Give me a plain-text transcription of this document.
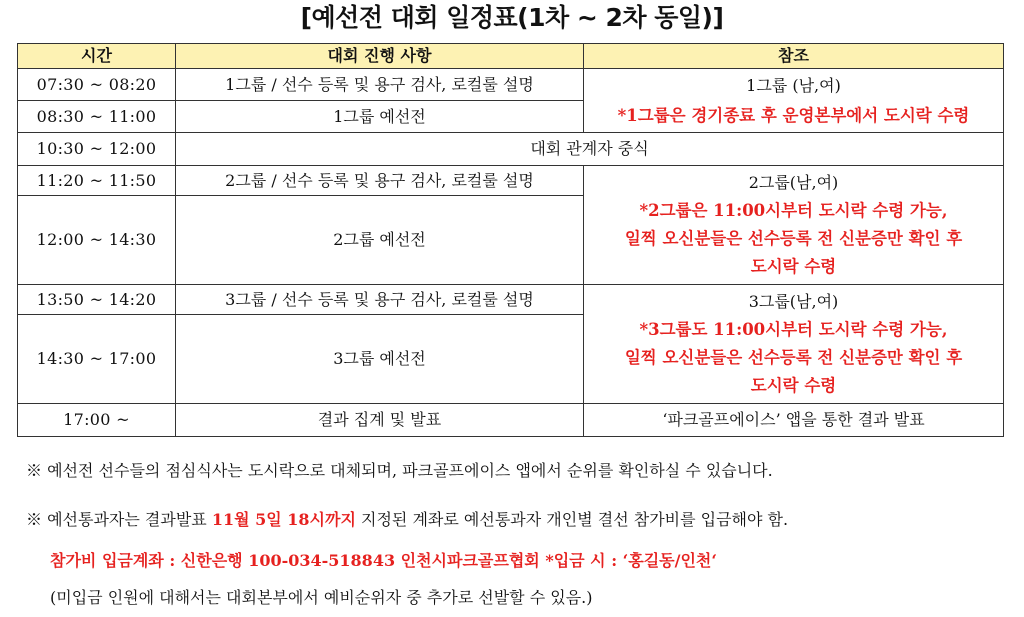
[예선전 대회 일정표(1차 ~ 2차 동일)]
시간	대회 진행 사항	참조
07:30 ~ 08:20	1그룹 / 선수 등록 및 용구 검사, 로컬룰 설명	1그룹 (남,여)
*1그룹은 경기종료 후 운영본부에서 도시락 수령

08:30 ~ 11:00	1그룹 예선전	
10:30 ~ 12:00	대회 관계자 중식	
11:20 ~ 11:50	2그룹 / 선수 등록 및 용구 검사, 로컬룰 설명	2그룹(남,여)
*2그룹은 11:00시부터 도시락 수령 가능,
일찍 오신분들은 선수등록 전 신분증만 확인 후
도시락 수령

12:00 ~ 14:30	2그룹 예선전	
13:50 ~ 14:20	3그룹 / 선수 등록 및 용구 검사, 로컬룰 설명	3그룹(남,여)
*3그룹도 11:00시부터 도시락 수령 가능,
일찍 오신분들은 선수등록 전 신분증만 확인 후
도시락 수령

14:30 ~ 17:00	3그룹 예선전	
17:00 ~	결과 집계 및 발표	‘파크골프에이스’ 앱을 통한 결과 발표
※ 예선전 선수들의 점심식사는 도시락으로 대체되며, 파크골프에이스 앱에서 순위를 확인하실 수 있습니다.
※ 예선통과자는 결과발표 11월 5일 18시까지 지정된 계좌로 예선통과자 개인별 결선 참가비를 입금해야 함.
참가비 입금계좌 : 신한은행 100-034-518843 인천시파크골프협회 *입금 시 : ‘홍길동/인천‘
(미입금 인원에 대해서는 대회본부에서 예비순위자 중 추가로 선발할 수 있음.)
